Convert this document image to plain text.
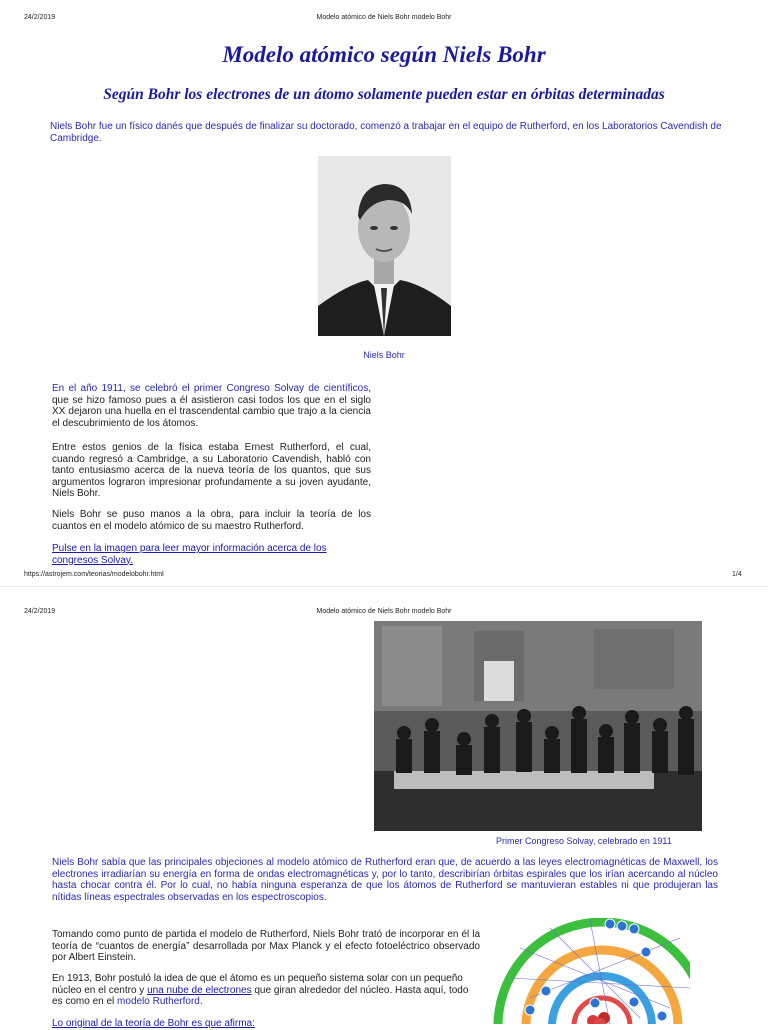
24/2/2019	Modelo atómico de Niels Bohr modelo Bohr
Modelo atómico según Niels Bohr
Según Bohr los electrones de un átomo solamente pueden estar en órbitas determinadas
Niels Bohr fue un físico danés que después de finalizar su doctorado, comenzó a trabajar en el equipo de Rutherford, en los Laboratorios Cavendish de Cambridge.
Niels Bohr
En el año 1911, se celebró el primer Congreso Solvay de científicos, que se hizo famoso pues a él asistieron casi todos los que en el siglo XX dejaron una huella en el trascendental cambio que trajo a la ciencia el descubrimiento de los átomos.
Entre estos genios de la física estaba Ernest Rutherford, el cual, cuando regresó a Cambridge, a su Laboratorio Cavendish, habló con tanto entusiasmo acerca de la nueva teoría de los quantos, que sus argumentos lograron impresionar profundamente a su joven ayudante, Niels Bohr.
Niels Bohr se puso manos a la obra, para incluir la teoría de los cuantos en el modelo atómico de su maestro Rutherford.
Pulse en la imagen para leer mayor información acerca de los congresos Solvay.
https://astrojem.com/teorias/modelobohr.html	1/4
24/2/2019	Modelo atómico de Niels Bohr modelo Bohr
Primer Congreso Solvay, celebrado en 1911
Niels Bohr sabía que las principales objeciones al modelo atómico de Rutherford eran que, de acuerdo a las leyes electromagnéticas de Maxwell, los electrones irradiarían su energía en forma de ondas electromagnéticas y, por lo tanto, describirían órbitas espirales que los irían acercando al núcleo hasta chocar contra él. Por lo cual, no había ninguna esperanza de que los átomos de Rutherford se mantuvieran estables ni que produjeran las nítidas líneas espectrales observadas en los espectroscopios.
Tomando como punto de partida el modelo de Rutherford, Niels Bohr trató de incorporar en él la teoría de “cuantos de energía” desarrollada por Max Planck y el efecto fotoeléctrico observado por Albert Einstein.
En 1913, Bohr postuló la idea de que el átomo es un pequeño sistema solar con un pequeño núcleo en el centro y una nube de electrones que giran alrededor del núcleo. Hasta aquí, todo es como en el modelo Rutherford.
Lo original de la teoría de Bohr es que afirma:
